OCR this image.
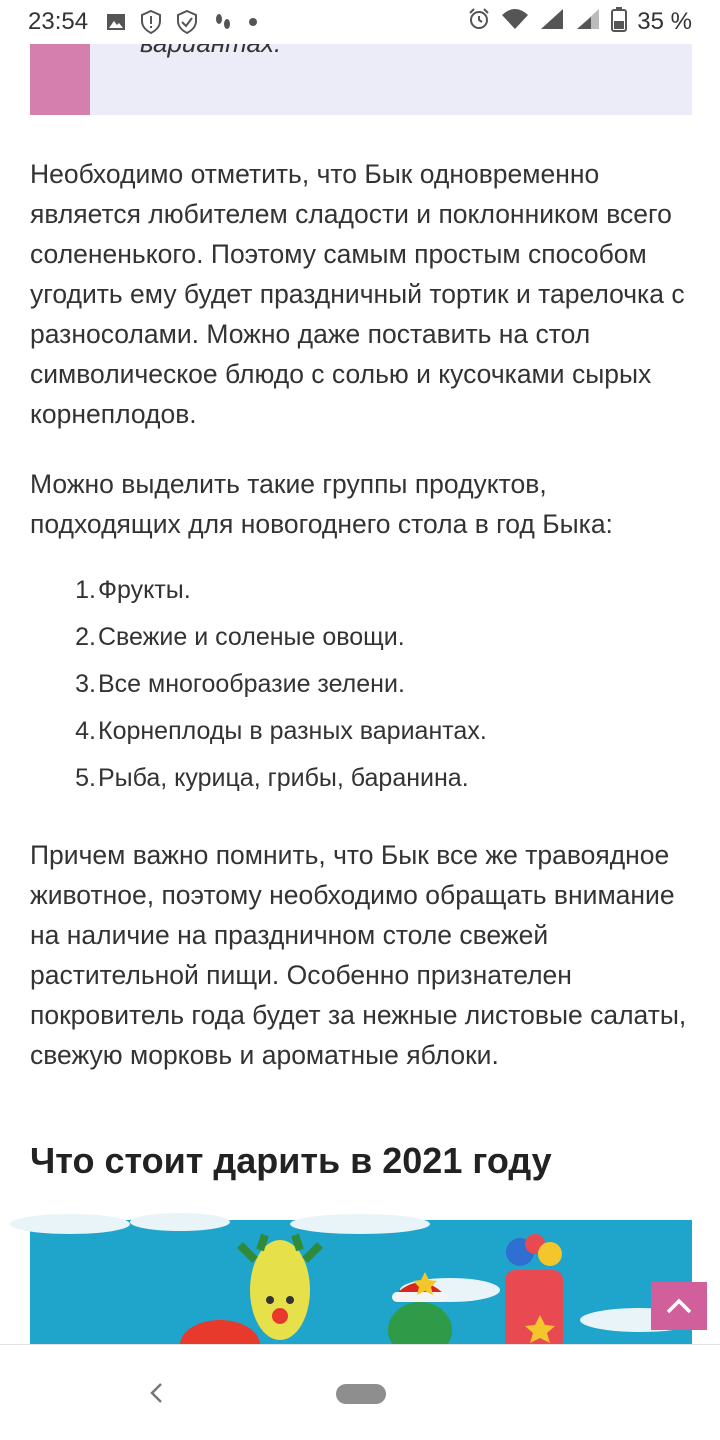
23:54	35 %

Необходимо отметить, что Бык одновременно является любителем сладости и поклонником всего солененького. Поэтому самым простым способом угодить ему будет праздничный тортик и тарелочка с разносолами. Можно даже поставить на стол символическое блюдо с солью и кусочками сырых корнеплодов.

Можно выделить такие группы продуктов, подходящих для новогоднего стола в год Быка:

1. Фрукты.
2. Свежие и соленые овощи.
3. Все многообразие зелени.
4. Корнеплоды в разных вариантах.
5. Рыба, курица, грибы, баранина.

Причем важно помнить, что Бык все же травоядное животное, поэтому необходимо обращать внимание на наличие на праздничном столе свежей растительной пищи. Особенно признателен покровитель года будет за нежные листовые салаты, свежую морковь и ароматные яблоки.

Что стоит дарить в 2021 году
